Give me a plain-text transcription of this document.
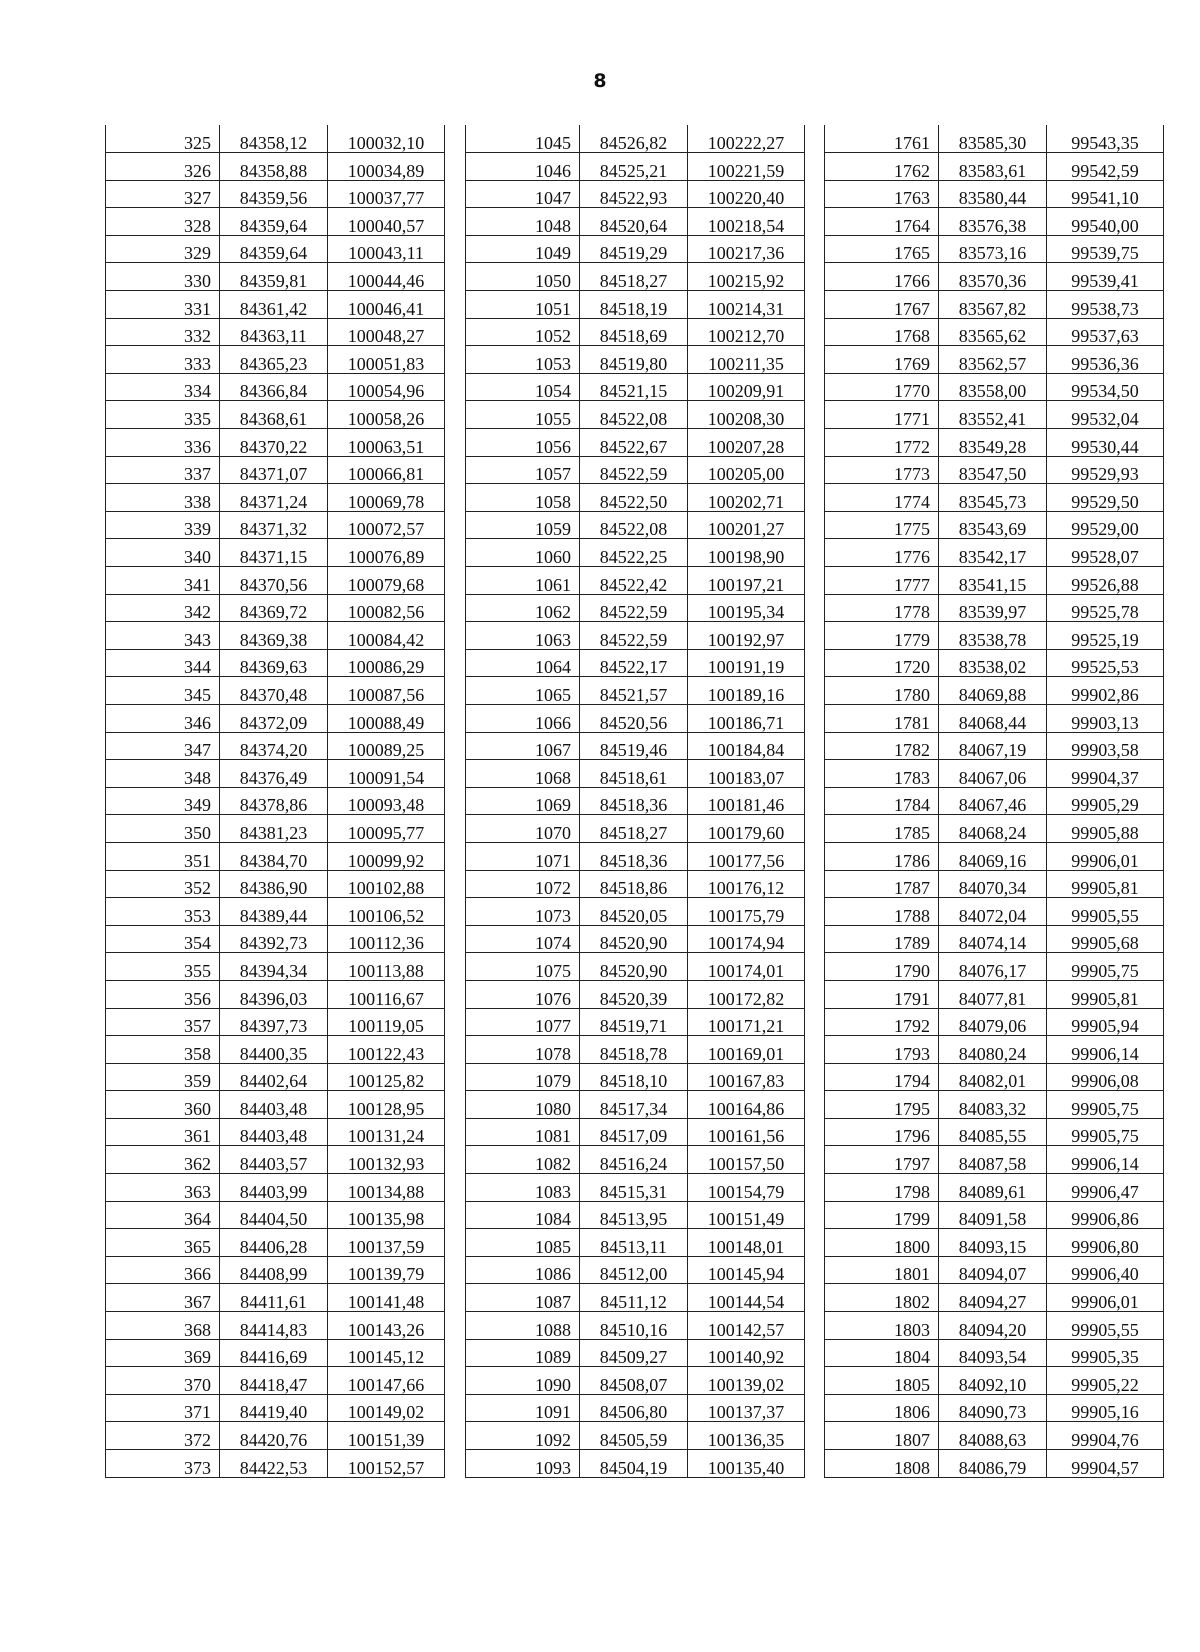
8
325	84358,12	100032,10
326	84358,88	100034,89
327	84359,56	100037,77
328	84359,64	100040,57
329	84359,64	100043,11
330	84359,81	100044,46
331	84361,42	100046,41
332	84363,11	100048,27
333	84365,23	100051,83
334	84366,84	100054,96
335	84368,61	100058,26
336	84370,22	100063,51
337	84371,07	100066,81
338	84371,24	100069,78
339	84371,32	100072,57
340	84371,15	100076,89
341	84370,56	100079,68
342	84369,72	100082,56
343	84369,38	100084,42
344	84369,63	100086,29
345	84370,48	100087,56
346	84372,09	100088,49
347	84374,20	100089,25
348	84376,49	100091,54
349	84378,86	100093,48
350	84381,23	100095,77
351	84384,70	100099,92
352	84386,90	100102,88
353	84389,44	100106,52
354	84392,73	100112,36
355	84394,34	100113,88
356	84396,03	100116,67
357	84397,73	100119,05
358	84400,35	100122,43
359	84402,64	100125,82
360	84403,48	100128,95
361	84403,48	100131,24
362	84403,57	100132,93
363	84403,99	100134,88
364	84404,50	100135,98
365	84406,28	100137,59
366	84408,99	100139,79
367	84411,61	100141,48
368	84414,83	100143,26
369	84416,69	100145,12
370	84418,47	100147,66
371	84419,40	100149,02
372	84420,76	100151,39
373	84422,53	100152,57
1045	84526,82	100222,27
1046	84525,21	100221,59
1047	84522,93	100220,40
1048	84520,64	100218,54
1049	84519,29	100217,36
1050	84518,27	100215,92
1051	84518,19	100214,31
1052	84518,69	100212,70
1053	84519,80	100211,35
1054	84521,15	100209,91
1055	84522,08	100208,30
1056	84522,67	100207,28
1057	84522,59	100205,00
1058	84522,50	100202,71
1059	84522,08	100201,27
1060	84522,25	100198,90
1061	84522,42	100197,21
1062	84522,59	100195,34
1063	84522,59	100192,97
1064	84522,17	100191,19
1065	84521,57	100189,16
1066	84520,56	100186,71
1067	84519,46	100184,84
1068	84518,61	100183,07
1069	84518,36	100181,46
1070	84518,27	100179,60
1071	84518,36	100177,56
1072	84518,86	100176,12
1073	84520,05	100175,79
1074	84520,90	100174,94
1075	84520,90	100174,01
1076	84520,39	100172,82
1077	84519,71	100171,21
1078	84518,78	100169,01
1079	84518,10	100167,83
1080	84517,34	100164,86
1081	84517,09	100161,56
1082	84516,24	100157,50
1083	84515,31	100154,79
1084	84513,95	100151,49
1085	84513,11	100148,01
1086	84512,00	100145,94
1087	84511,12	100144,54
1088	84510,16	100142,57
1089	84509,27	100140,92
1090	84508,07	100139,02
1091	84506,80	100137,37
1092	84505,59	100136,35
1093	84504,19	100135,40
1761	83585,30	99543,35
1762	83583,61	99542,59
1763	83580,44	99541,10
1764	83576,38	99540,00
1765	83573,16	99539,75
1766	83570,36	99539,41
1767	83567,82	99538,73
1768	83565,62	99537,63
1769	83562,57	99536,36
1770	83558,00	99534,50
1771	83552,41	99532,04
1772	83549,28	99530,44
1773	83547,50	99529,93
1774	83545,73	99529,50
1775	83543,69	99529,00
1776	83542,17	99528,07
1777	83541,15	99526,88
1778	83539,97	99525,78
1779	83538,78	99525,19
1720	83538,02	99525,53
1780	84069,88	99902,86
1781	84068,44	99903,13
1782	84067,19	99903,58
1783	84067,06	99904,37
1784	84067,46	99905,29
1785	84068,24	99905,88
1786	84069,16	99906,01
1787	84070,34	99905,81
1788	84072,04	99905,55
1789	84074,14	99905,68
1790	84076,17	99905,75
1791	84077,81	99905,81
1792	84079,06	99905,94
1793	84080,24	99906,14
1794	84082,01	99906,08
1795	84083,32	99905,75
1796	84085,55	99905,75
1797	84087,58	99906,14
1798	84089,61	99906,47
1799	84091,58	99906,86
1800	84093,15	99906,80
1801	84094,07	99906,40
1802	84094,27	99906,01
1803	84094,20	99905,55
1804	84093,54	99905,35
1805	84092,10	99905,22
1806	84090,73	99905,16
1807	84088,63	99904,76
1808	84086,79	99904,57
